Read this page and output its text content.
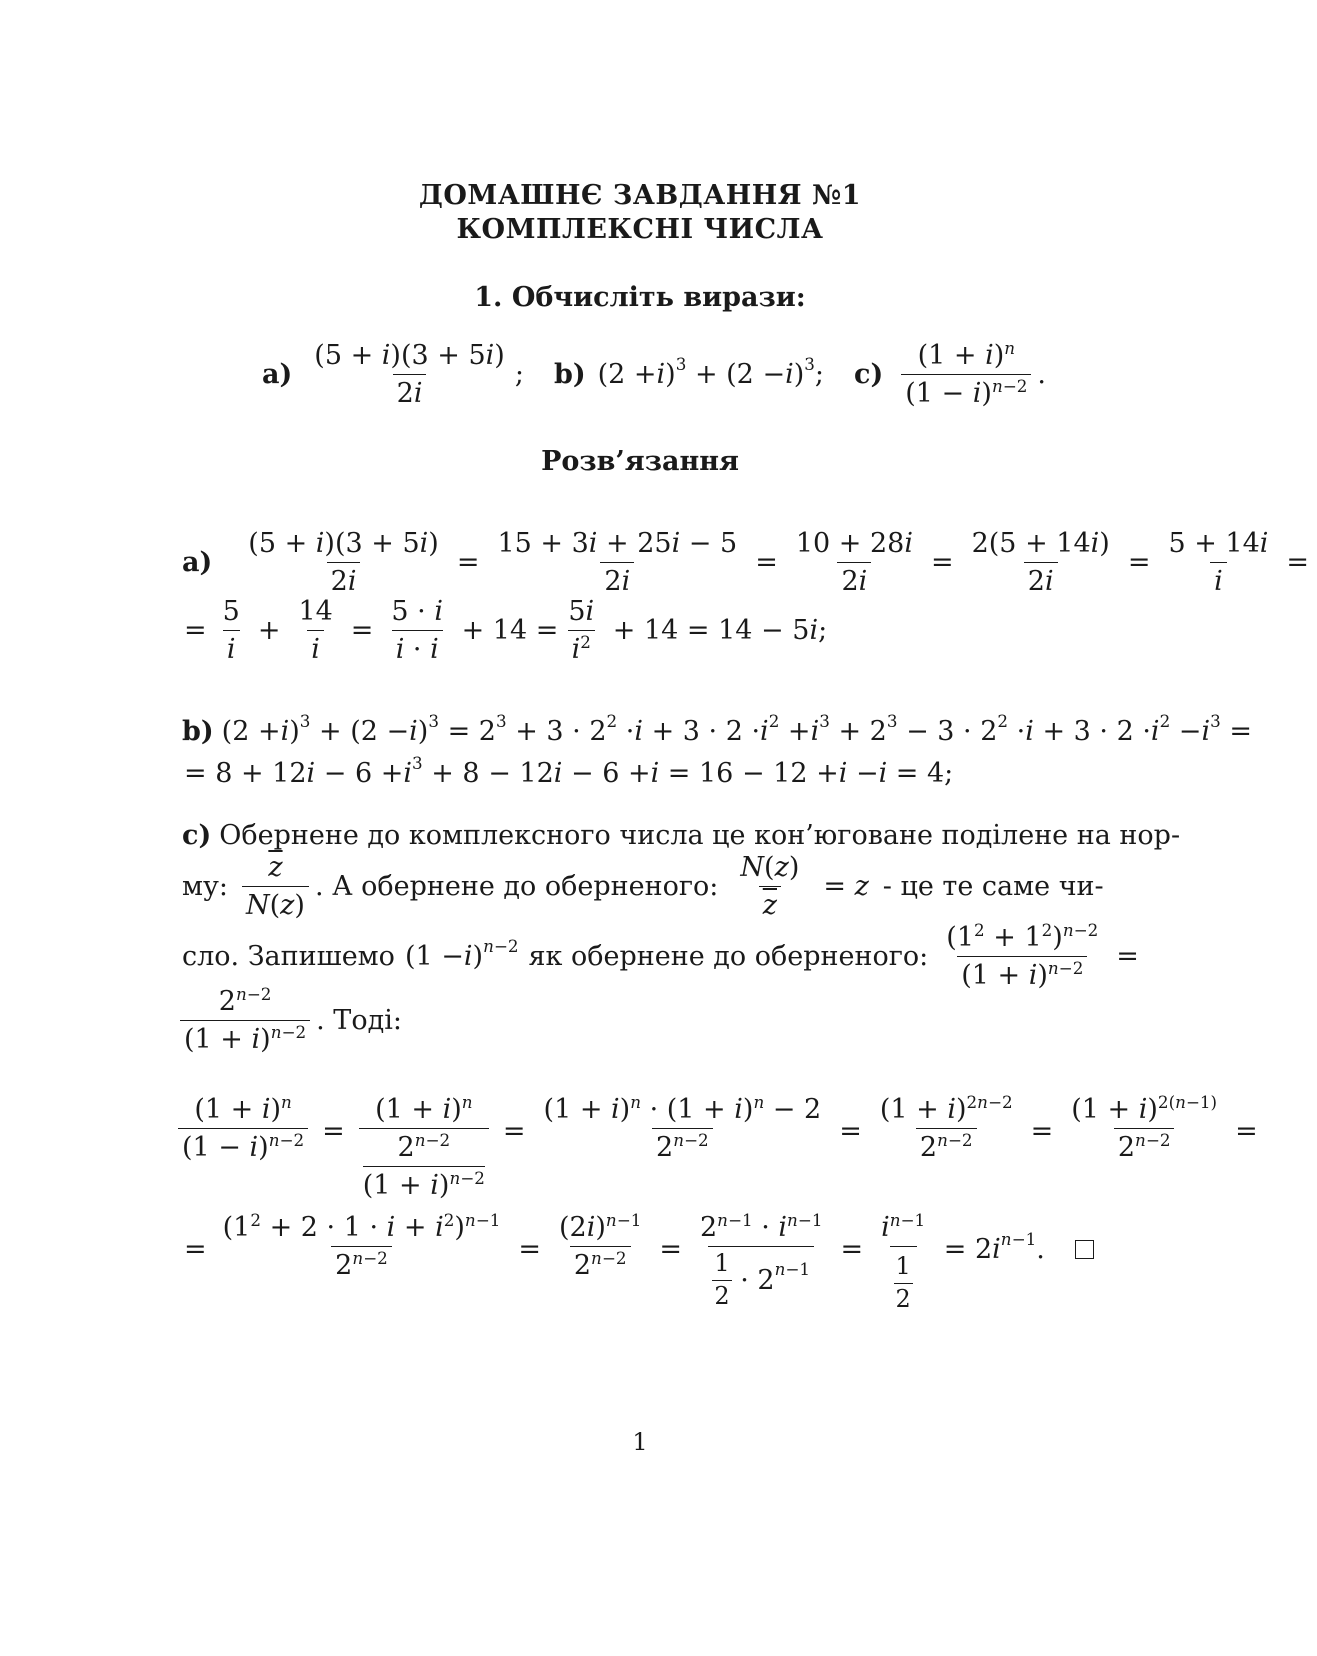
ДОМАШНЄ ЗАВДАННЯ №1
КОМПЛЕКСНІ ЧИСЛА
1. Обчисліть вирази:
$a) \frac{(5 + i)(3 + 5i)}{2i}$ ; b) (2 + i )$^3$ + (2 − i )$^3$ ; $c) \frac{(1 + i)^n}{(1 - i)^{n-2}}$ .
Розв’язання
$a) \frac{(5 + i)(3 + 5i)}{2i} = \frac{15 + 3i + 25i - 5}{2i} = \frac{10 + 28i}{2i} = \frac{2(5 + 14i)}{2i} = \frac{5 + 14i}{i}$ =
= $\frac{5}{i} + \frac{14}{i} = \frac{5 \cdot i}{i \cdot i} + 14 = \frac{5i}{i^2} + 14 = 14 - 5$ i ;
b) (2 + i )$^3$ + (2 − i )$^3 = 2^3 + 3 \cdot 2^2 \cdot i + 3 \cdot 2 \cdot i^2 + i^3 + 2^3 - 3 \cdot 2^2 \cdot i + 3 \cdot 2 \cdot i^2 - i^3$ =
= 8 + 12 $i - 6 + i^3 + 8 - 12$ i − 6 + i = 16 − 12 + i − i = 4;
c) Обернене до комплексного числа це кон’юговане поділене на нор-
му: $\frac{\overline{z}}{N(z)}$ . А обернене до оберненого: $\frac{N(z)}{z} = z$ - це те саме чи-
сло. Запишемо (1 − i ) $^{n-2}$ як обернене до оберненого: $\frac{(1^2 + 1^2)^{n-2}}{(1 + i)^{n-2}}$ =
$\frac{2^{n-2}}{(1 + i)^{n-2}}$ . Тоді:
$\frac{(1 + i)^n}{(1 - i)^{n-2}} = \frac{(1 + i)^n}{\frac{2^{n-2}}{(1 + i)^{n-2}}} = \frac{(1 + i)^n \cdot (1 + i)^n - 2}{2^{n-2}} = \frac{(1 + i)^{2n-2}}{2^{n-2}} = \frac{(1 + i)^{2(n-1)}}{2^{n-2}}$ =
= $\frac{(1^2 + 2 \cdot 1 \cdot i + i^2)^{n-1}}{2^{n-2}} = \frac{(2i)^{n-1}}{2^{n-2}} = 2^{n-1} \cdot i^{n-1}$
1
2
· 2 $^{n-1} = \frac{i^{n-1}}{\frac{1}{2}} = 2$ i $^{n-1}$ .
1
